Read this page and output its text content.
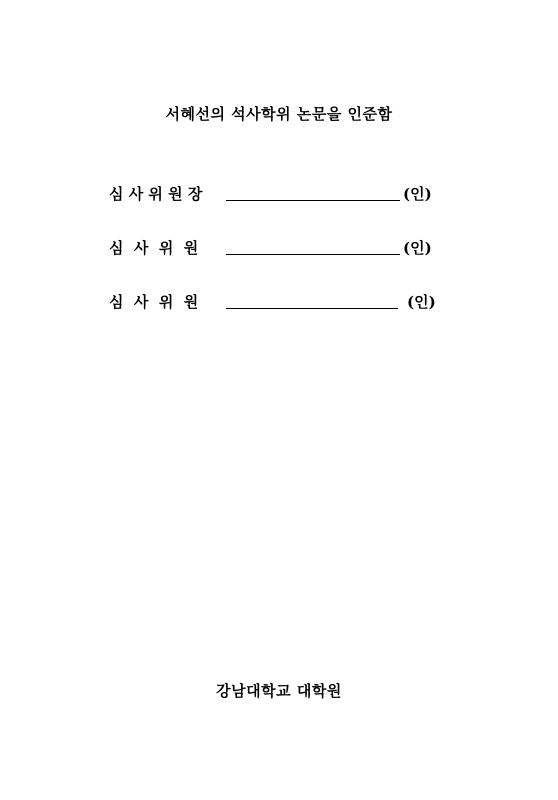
서혜선의 석사학위 논문을 인준함
심 사 위 원 장	(인)
심  사  위  원	(인)
심  사  위  원	(인)
강남대학교 대학원
